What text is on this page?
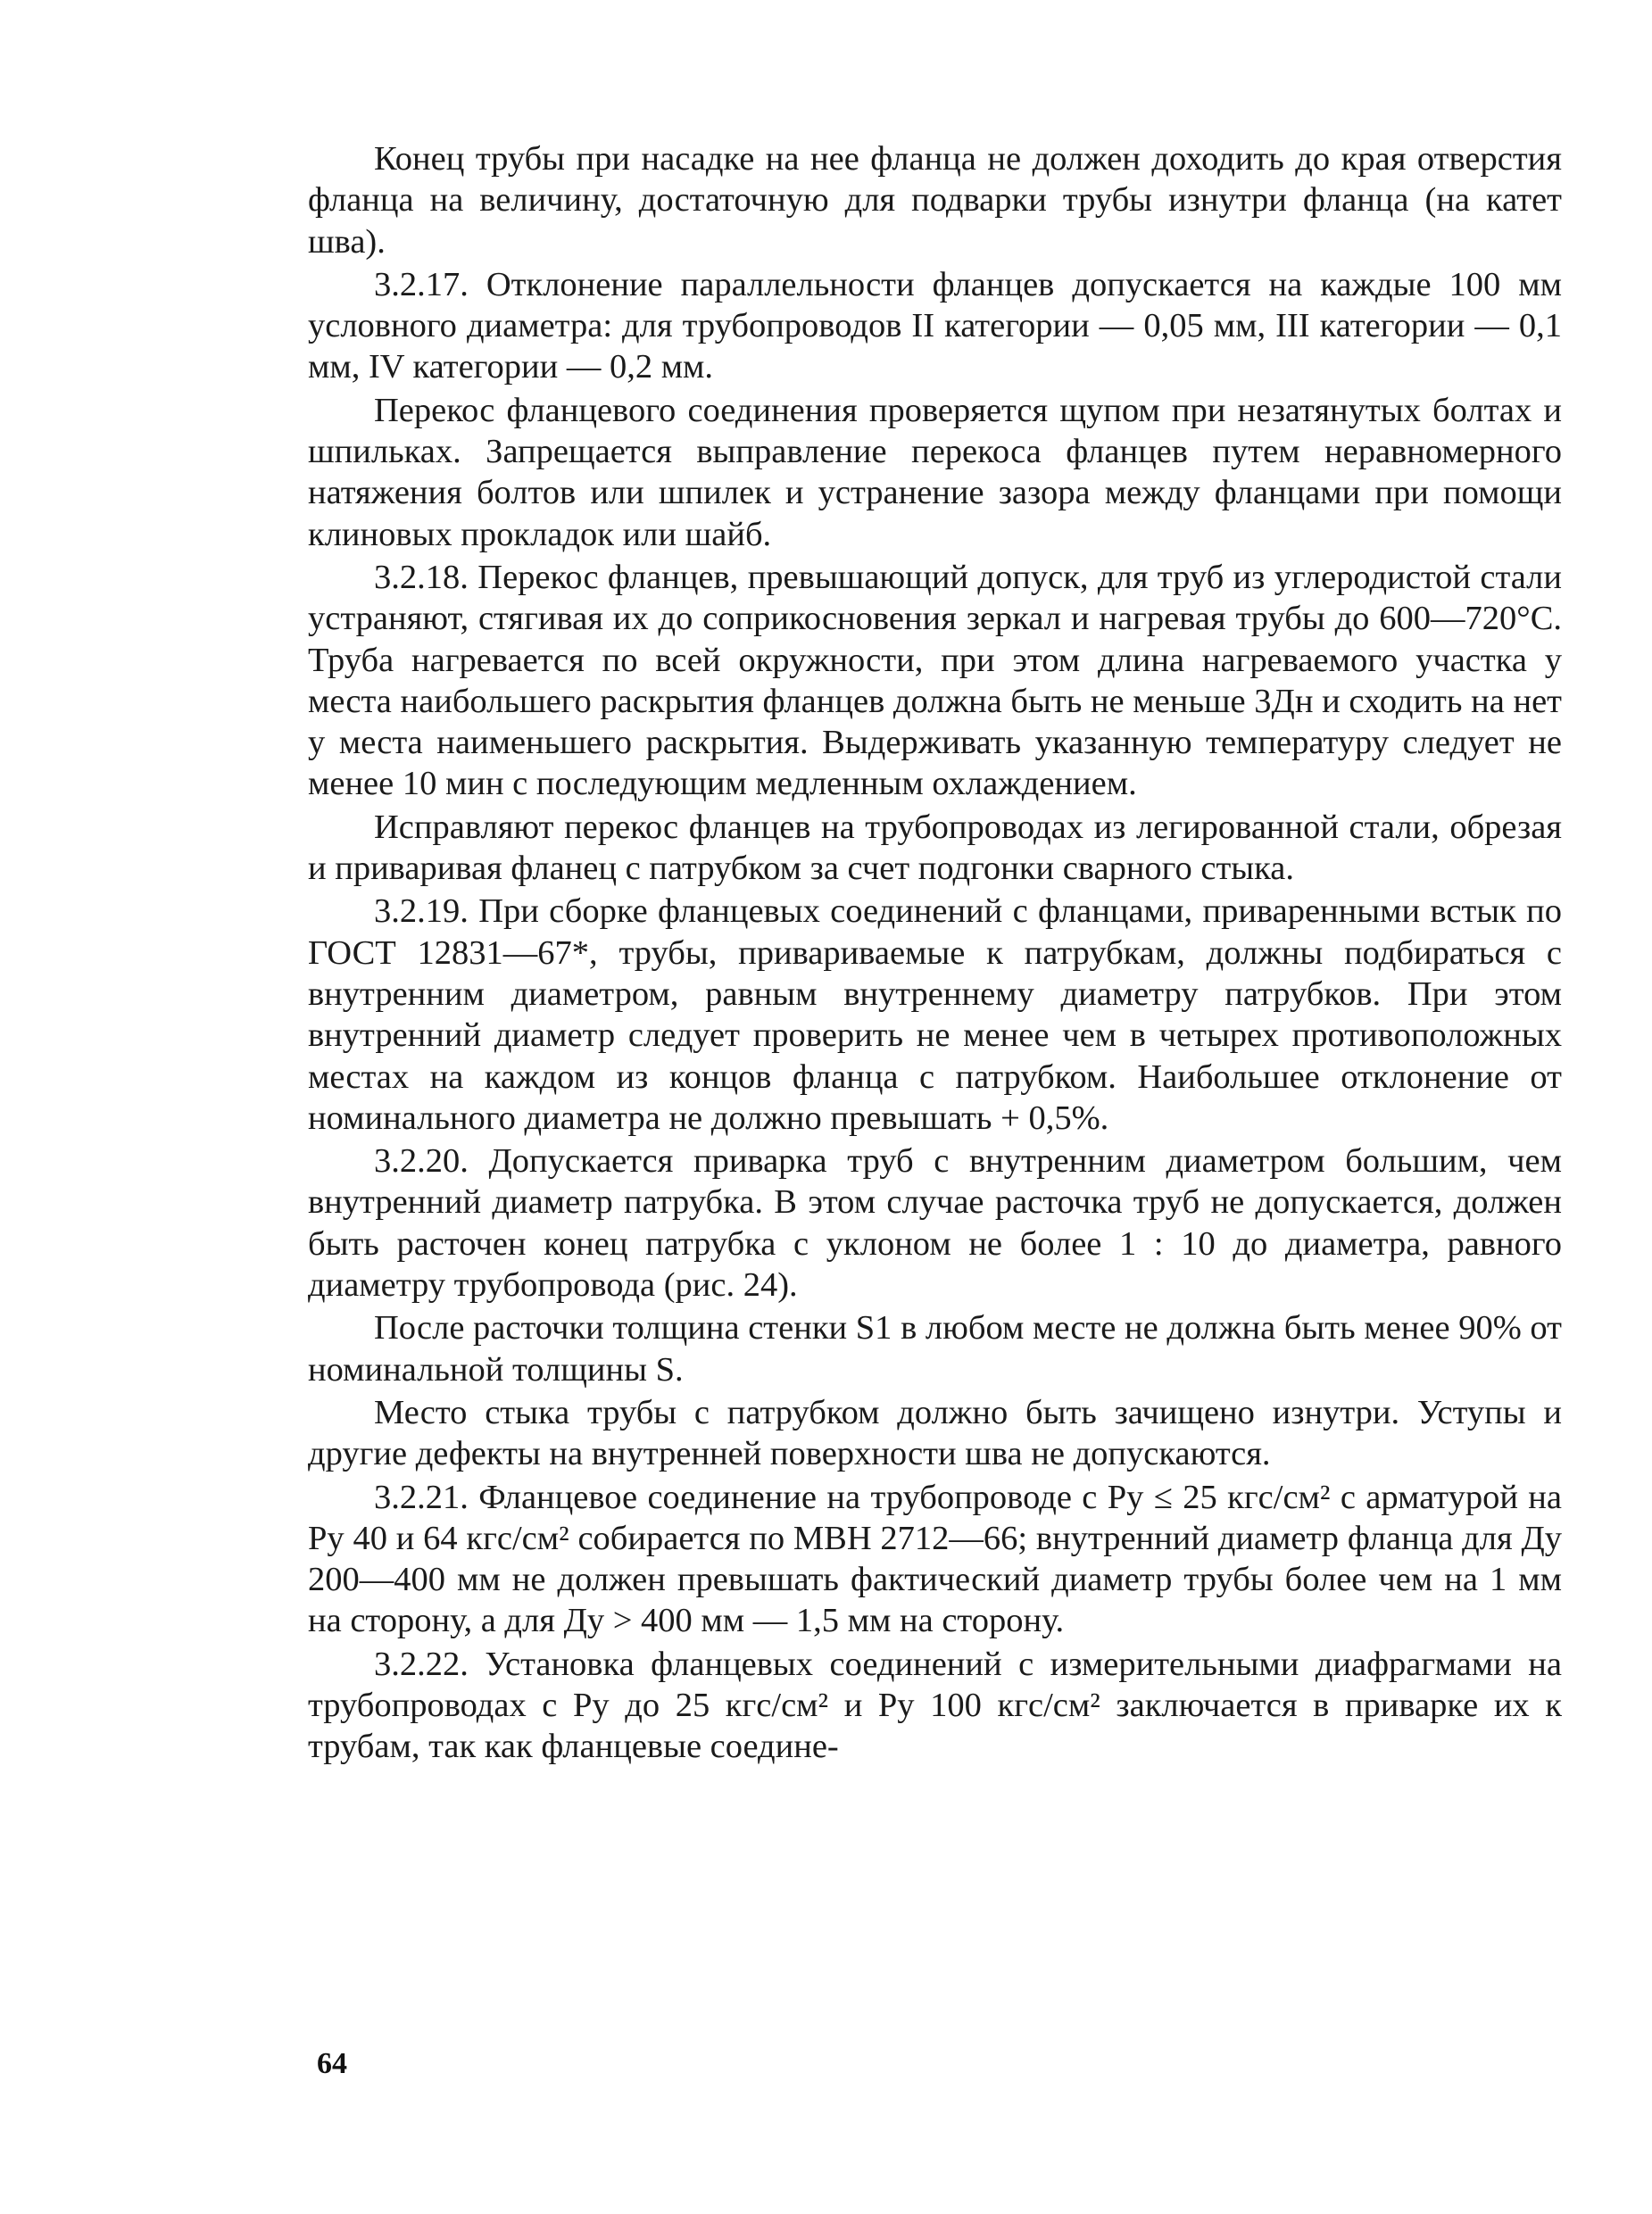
Конец трубы при насадке на нее фланца не должен доходить до края отверстия фланца на величину, достаточную для подварки трубы изнутри фланца (на катет шва).

3.2.17. Отклонение параллельности фланцев допускается на каждые 100 мм условного диаметра: для трубопроводов II категории — 0,05 мм, III категории — 0,1 мм, IV категории — 0,2 мм.

Перекос фланцевого соединения проверяется щупом при незатянутых болтах и шпильках. Запрещается выправление перекоса фланцев путем неравномерного натяжения болтов или шпилек и устранение зазора между фланцами при помощи клиновых прокладок или шайб.

3.2.18. Перекос фланцев, превышающий допуск, для труб из углеродистой стали устраняют, стягивая их до соприкосновения зеркал и нагревая трубы до 600—720°C. Труба нагревается по всей окружности, при этом длина нагреваемого участка у места наибольшего раскрытия фланцев должна быть не меньше 3Дн и сходить на нет у места наименьшего раскрытия. Выдерживать указанную температуру следует не менее 10 мин с последующим медленным охлаждением.

Исправляют перекос фланцев на трубопроводах из легированной стали, обрезая и приваривая фланец с патрубком за счет подгонки сварного стыка.

3.2.19. При сборке фланцевых соединений с фланцами, приваренными встык по ГОСТ 12831—67*, трубы, привариваемые к патрубкам, должны подбираться с внутренним диаметром, равным внутреннему диаметру патрубков. При этом внутренний диаметр следует проверить не менее чем в четырех противоположных местах на каждом из концов фланца с патрубком. Наибольшее отклонение от номинального диаметра не должно превышать + 0,5%.

3.2.20. Допускается приварка труб с внутренним диаметром большим, чем внутренний диаметр патрубка. В этом случае расточка труб не допускается, должен быть расточен конец патрубка с уклоном не более 1 : 10 до диаметра, равного диаметру трубопровода (рис. 24).

После расточки толщина стенки S1 в любом месте не должна быть менее 90% от номинальной толщины S.

Место стыка трубы с патрубком должно быть зачищено изнутри. Уступы и другие дефекты на внутренней поверхности шва не допускаются.

3.2.21. Фланцевое соединение на трубопроводе с Ру ≤ 25 кгс/см² с арматурой на Ру 40 и 64 кгс/см² собирается по МВН 2712—66; внутренний диаметр фланца для Ду 200—400 мм не должен превышать фактический диаметр трубы более чем на 1 мм на сторону, а для Ду > 400 мм — 1,5 мм на сторону.

3.2.22. Установка фланцевых соединений с измерительными диафрагмами на трубопроводах с Ру до 25 кгс/см² и Ру 100 кгс/см² заключается в приварке их к трубам, так как фланцевые соедине-

64
